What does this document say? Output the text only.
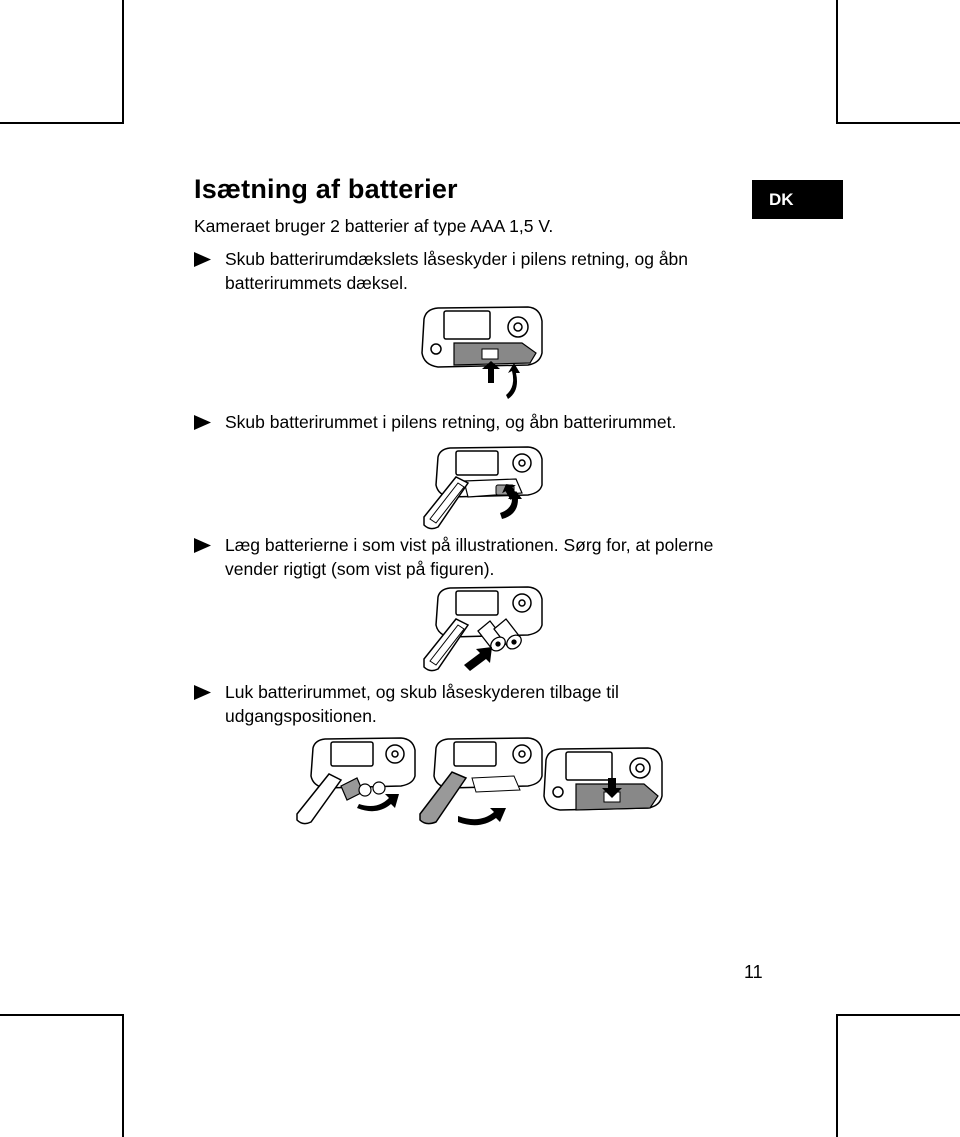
Isætning af batterier	DK
Kameraet bruger 2 batterier af type AAA 1,5 V.
Skub batterirumdækslets låseskyder i pilens retning, og åbn
batterirummets dæksel.
Skub batterirummet i pilens retning, og åbn batterirummet.
Læg batterierne i som vist på illustrationen. Sørg for, at polerne
vender rigtigt (som vist på figuren).
Luk batterirummet, og skub låseskyderen tilbage til
udgangspositionen.
11
